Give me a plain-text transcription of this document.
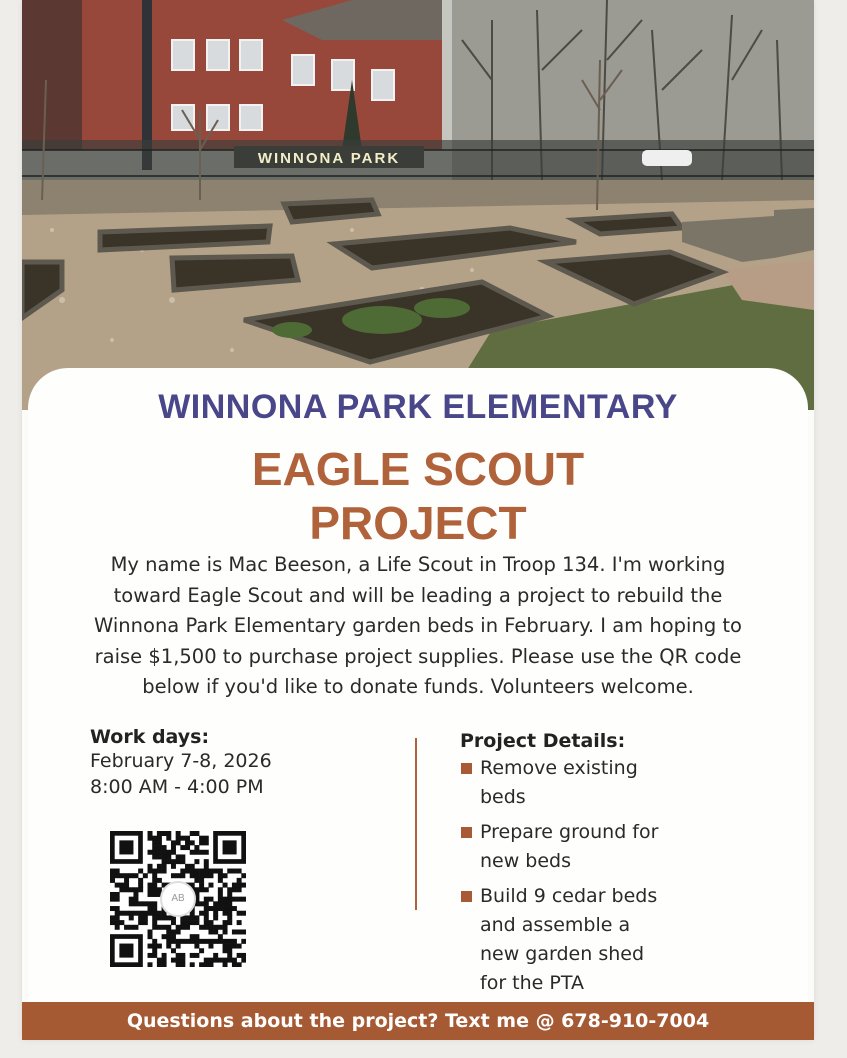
WINNONA PARK
WINNONA PARK ELEMENTARY
EAGLE SCOUT
PROJECT

My name is Mac Beeson, a Life Scout in Troop 134. I'm working
toward Eagle Scout and will be leading a project to rebuild the
Winnona Park Elementary garden beds in February. I am hoping to
raise $1,500 to purchase project supplies. Please use the QR code
below if you'd like to donate funds. Volunteers welcome.

Work days:

February 7-8, 2026

8:00 AM - 4:00 PM

AB
Project Details:
Remove existing
beds
Prepare ground for
new beds
Build 9 cedar beds
and assemble a
new garden shed
for the PTA
Questions about the project? Text me @ 678-910-7004
